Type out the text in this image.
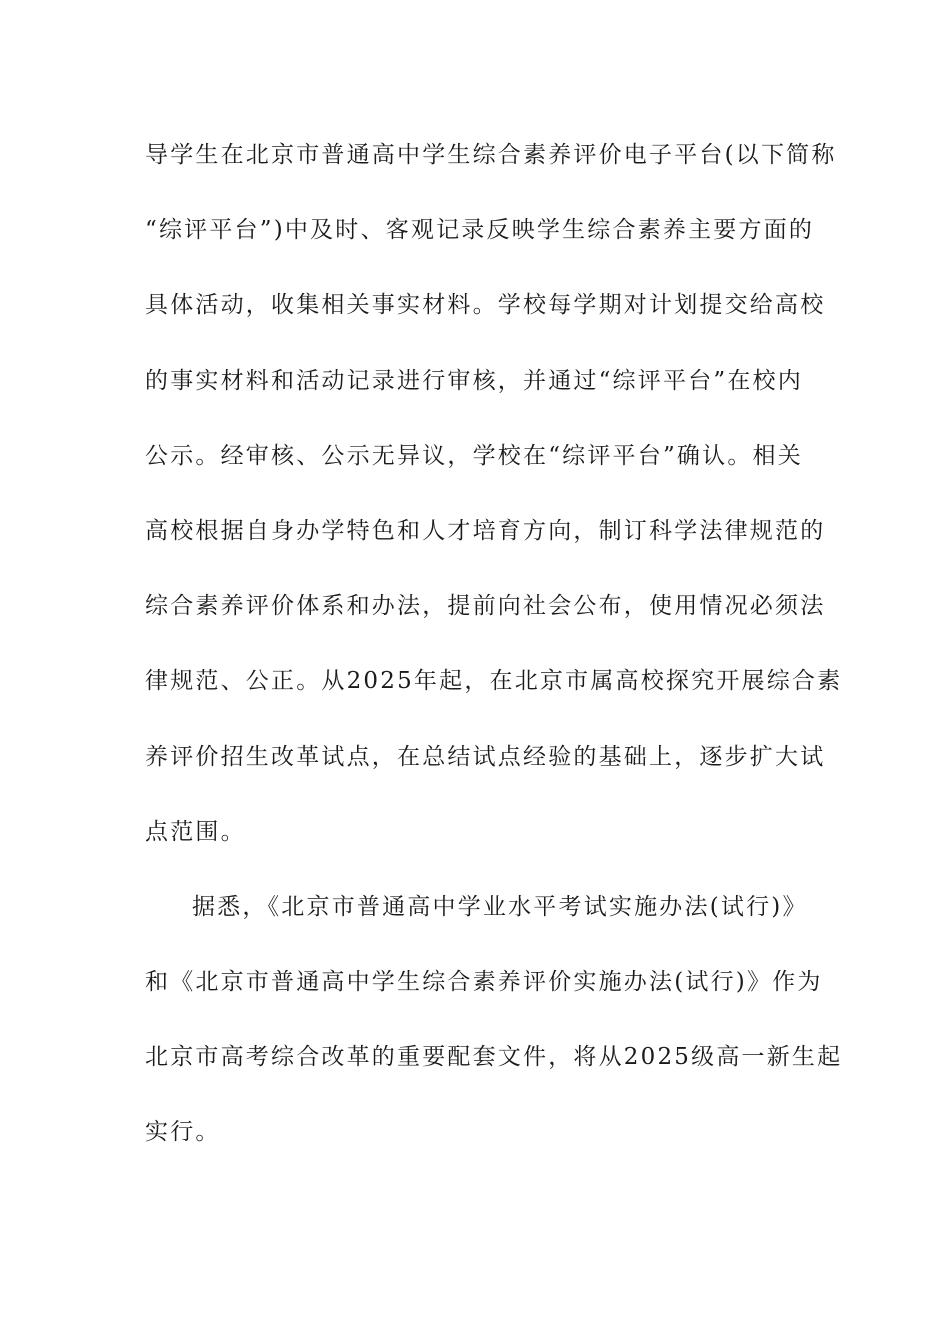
导学生在北京市普通高中学生综合素养评价电子平台(以下简称
“综评平台”)中及时、客观记录反映学生综合素养主要方面的
具体活动，收集相关事实材料。学校每学期对计划提交给高校
的事实材料和活动记录进行审核，并通过“综评平台”在校内
公示。经审核、公示无异议，学校在“综评平台”确认。相关
高校根据自身办学特色和人才培育方向，制订科学法律规范的
综合素养评价体系和办法，提前向社会公布，使用情况必须法
律规范、公正。从2025年起，在北京市属高校探究开展综合素
养评价招生改革试点，在总结试点经验的基础上，逐步扩大试
点范围。
据悉，《北京市普通高中学业水平考试实施办法(试行)》
和《北京市普通高中学生综合素养评价实施办法(试行)》作为
北京市高考综合改革的重要配套文件，将从2025级高一新生起
实行。
